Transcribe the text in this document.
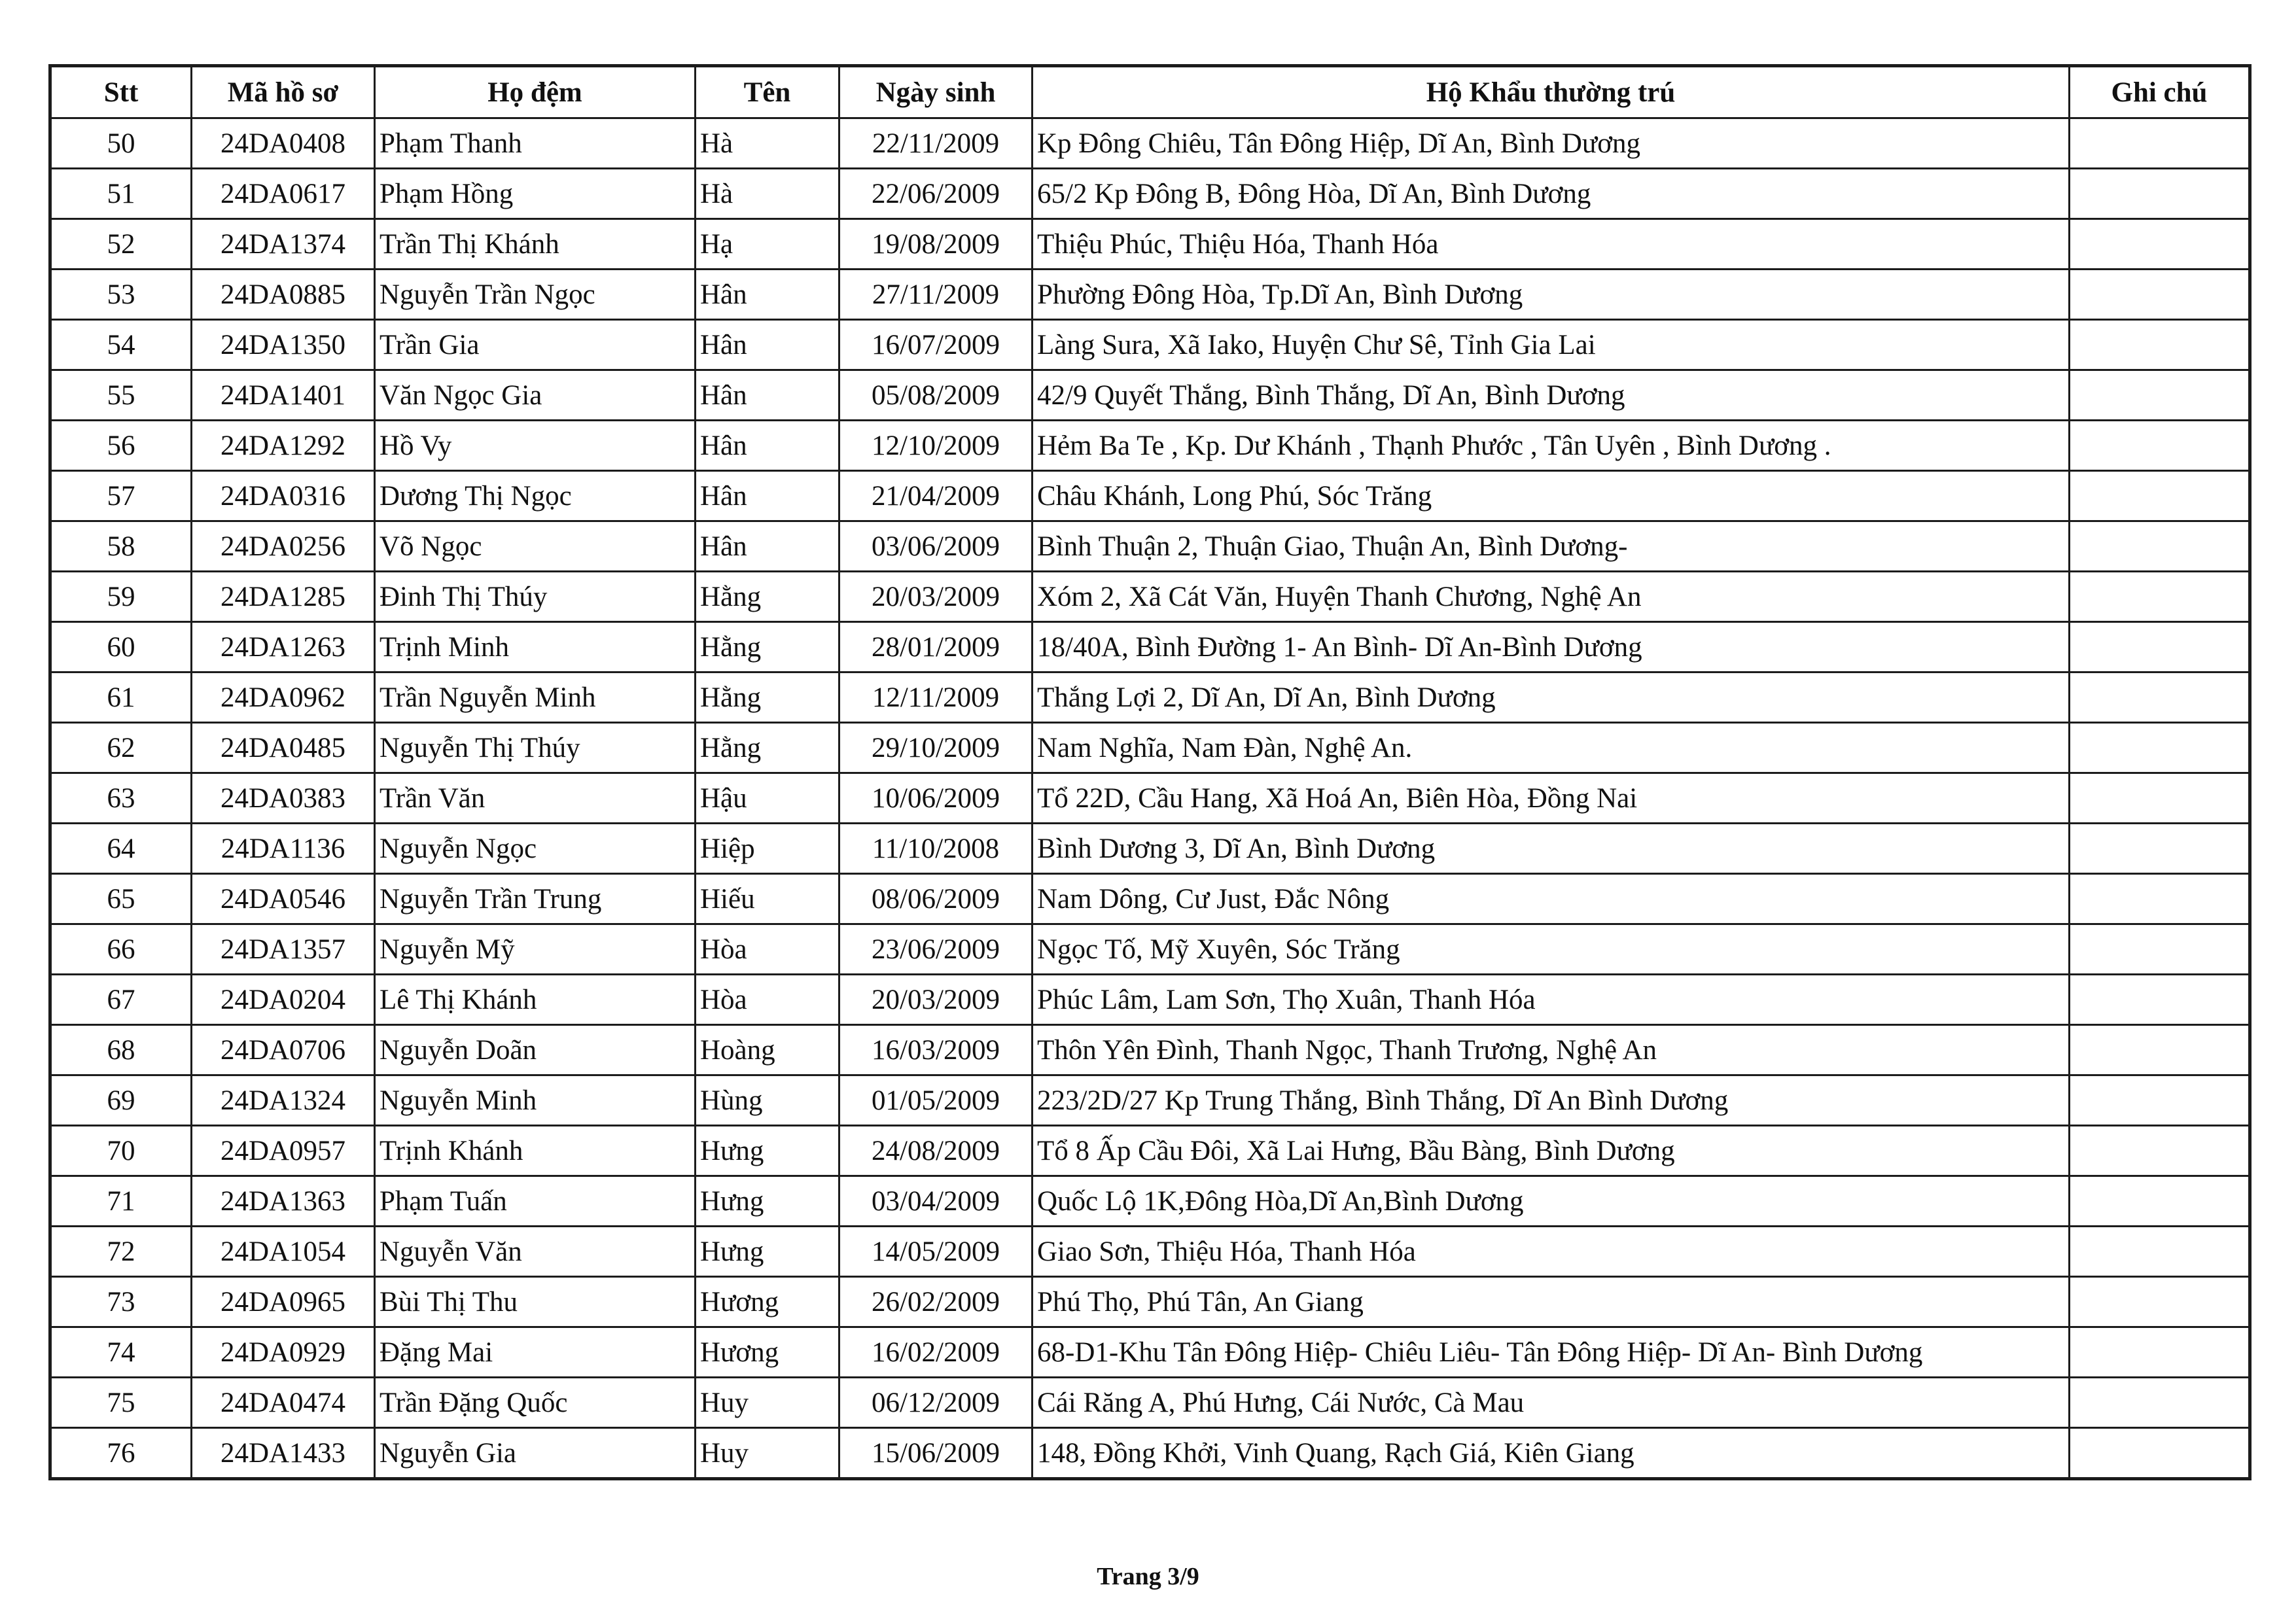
Stt	Mã hồ sơ	Họ đệm	Tên	Ngày sinh	Hộ Khẩu thường trú	Ghi chú
50	24DA0408	Phạm Thanh	Hà	22/11/2009	Kp Đông Chiêu, Tân Đông Hiệp, Dĩ An, Bình Dương	
51	24DA0617	Phạm Hồng	Hà	22/06/2009	65/2 Kp Đông B, Đông Hòa, Dĩ An, Bình Dương	
52	24DA1374	Trần Thị Khánh	Hạ	19/08/2009	Thiệu Phúc, Thiệu Hóa, Thanh Hóa	
53	24DA0885	Nguyễn Trần Ngọc	Hân	27/11/2009	Phường Đông Hòa, Tp.Dĩ An, Bình Dương	
54	24DA1350	Trần Gia	Hân	16/07/2009	Làng Sura, Xã Iako, Huyện Chư Sê, Tỉnh Gia Lai	
55	24DA1401	Văn Ngọc Gia	Hân	05/08/2009	42/9 Quyết Thắng, Bình Thắng, Dĩ An, Bình Dương	
56	24DA1292	Hồ Vy	Hân	12/10/2009	Hẻm Ba Te , Kp. Dư Khánh , Thạnh Phước , Tân Uyên , Bình Dương .	
57	24DA0316	Dương Thị Ngọc	Hân	21/04/2009	Châu Khánh, Long Phú, Sóc Trăng	
58	24DA0256	Võ Ngọc	Hân	03/06/2009	Bình Thuận 2, Thuận Giao, Thuận An, Bình Dương-	
59	24DA1285	Đinh Thị Thúy	Hằng	20/03/2009	Xóm 2, Xã Cát Văn, Huyện Thanh Chương, Nghệ An	
60	24DA1263	Trịnh Minh	Hằng	28/01/2009	18/40A, Bình Đường 1- An Bình- Dĩ An-Bình Dương	
61	24DA0962	Trần Nguyễn Minh	Hằng	12/11/2009	Thắng Lợi 2, Dĩ An, Dĩ An, Bình Dương	
62	24DA0485	Nguyễn Thị Thúy	Hằng	29/10/2009	Nam Nghĩa, Nam Đàn, Nghệ An.	
63	24DA0383	Trần Văn	Hậu	10/06/2009	Tổ 22D, Cầu Hang, Xã Hoá An, Biên Hòa, Đồng Nai	
64	24DA1136	Nguyễn Ngọc	Hiệp	11/10/2008	Bình Dương 3, Dĩ An, Bình Dương	
65	24DA0546	Nguyễn Trần Trung	Hiếu	08/06/2009	Nam Dông, Cư Just, Đắc Nông	
66	24DA1357	Nguyễn Mỹ	Hòa	23/06/2009	Ngọc Tố, Mỹ Xuyên, Sóc Trăng	
67	24DA0204	Lê Thị Khánh	Hòa	20/03/2009	Phúc Lâm, Lam Sơn, Thọ Xuân, Thanh Hóa	
68	24DA0706	Nguyễn Doãn	Hoàng	16/03/2009	Thôn Yên Đình, Thanh Ngọc, Thanh Trương, Nghệ An	
69	24DA1324	Nguyễn Minh	Hùng	01/05/2009	223/2D/27 Kp Trung Thắng, Bình Thắng, Dĩ An Bình Dương	
70	24DA0957	Trịnh Khánh	Hưng	24/08/2009	Tổ 8 Ấp Cầu Đôi, Xã Lai Hưng, Bầu Bàng, Bình Dương	
71	24DA1363	Phạm Tuấn	Hưng	03/04/2009	Quốc Lộ 1K,Đông Hòa,Dĩ An,Bình Dương	
72	24DA1054	Nguyễn Văn	Hưng	14/05/2009	Giao Sơn, Thiệu Hóa, Thanh Hóa	
73	24DA0965	Bùi Thị Thu	Hương	26/02/2009	Phú Thọ, Phú Tân, An Giang	
74	24DA0929	Đặng Mai	Hương	16/02/2009	68-D1-Khu Tân Đông Hiệp- Chiêu Liêu- Tân Đông Hiệp- Dĩ An- Bình Dương	
75	24DA0474	Trần Đặng Quốc	Huy	06/12/2009	Cái Răng A, Phú Hưng, Cái Nước, Cà Mau	
76	24DA1433	Nguyễn Gia	Huy	15/06/2009	148, Đồng Khởi, Vinh Quang, Rạch Giá, Kiên Giang	
Trang 3/9
